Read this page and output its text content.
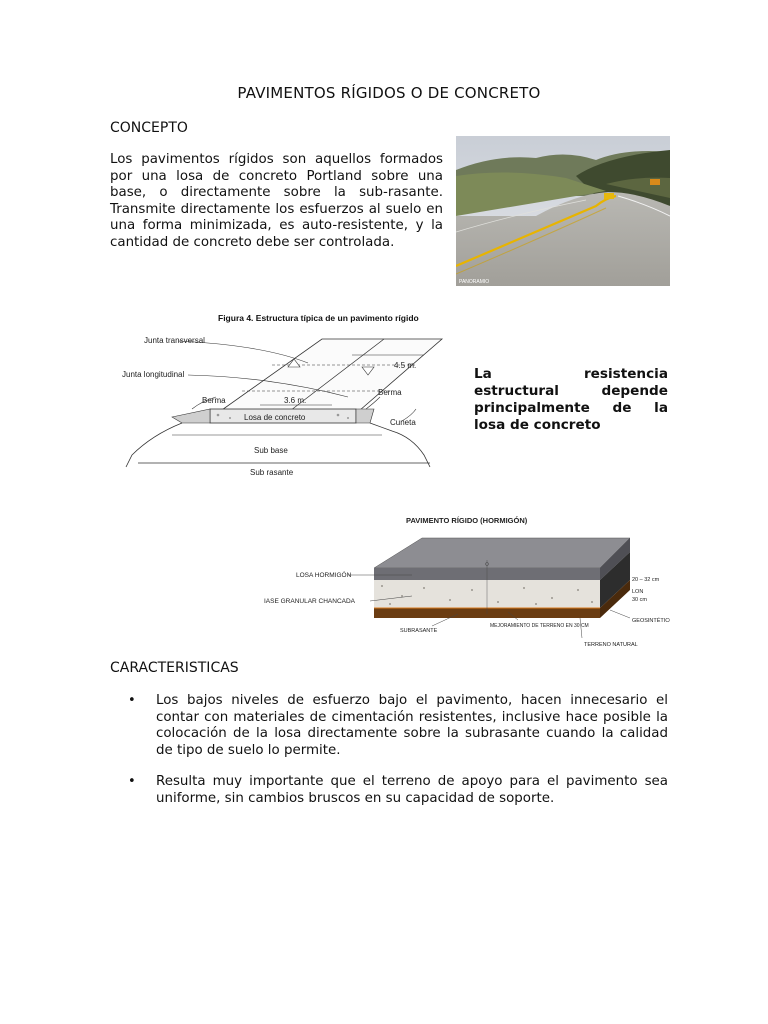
PAVIMENTOS RÍGIDOS O DE CONCRETO
CONCEPTO
Los pavimentos rígidos son aquellos formados por una losa de concreto Portland sobre una base, o directamente sobre la sub-rasante. Transmite directamente los esfuerzos al suelo en una forma minimizada, es auto-resistente, y la cantidad de concreto debe ser controlada.
PANORAMIO
Figura 4. Estructura típica de un pavimento rígido
Junta transversal
Junta longitudinal
Berma
Berma
Losa de concreto
Cuneta
Sub base
Sub rasante
4.5 m.
3.6 m.
La resistencia estructural depende principalmente de la losa de concreto
PAVIMENTO RÍGIDO (HORMIGÓN)
LOSA HORMIGÓN
IASE GRANULAR CHANCADA
SUBRASANTE
MEJORAMIENTO DE TERRENO EN 30 CM
TERRENO NATURAL
GEOSINTÉTICO
20 – 32 cm
LON
30 cm
CARACTERISTICAS
• Los bajos niveles de esfuerzo bajo el pavimento, hacen innecesario el contar con materiales de cimentación resistentes, inclusive hace posible la colocación de la losa directamente sobre la subrasante cuando la calidad de tipo de suelo lo permite.
• Resulta muy importante que el terreno de apoyo para el pavimento sea uniforme, sin cambios bruscos en su capacidad de soporte.
